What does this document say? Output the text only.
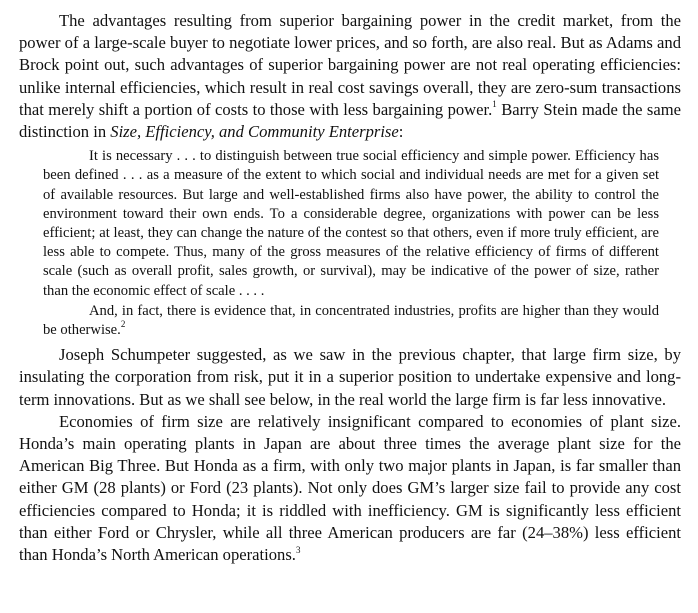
The advantages resulting from superior bargaining power in the credit market, from the power of a large-scale buyer to negotiate lower prices, and so forth, are also real. But as Adams and Brock point out, such advantages of superior bargaining power are not real operating efficiencies: unlike internal efficiencies, which result in real cost savings overall, they are zero-sum transactions that merely shift a portion of costs to those with less bargaining power.$^1$ Barry Stein made the same distinction in Size, Efficiency, and Community Enterprise:

It is necessary . . . to distinguish between true social efficiency and simple power. Efficiency has been defined . . . as a measure of the extent to which social and individual needs are met for a given set of available resources. But large and well-established firms also have power, the ability to control the environment toward their own ends. To a considerable degree, organizations with power can be less efficient; at least, they can change the nature of the contest so that others, even if more truly efficient, are less able to compete. Thus, many of the gross measures of the relative efficiency of firms of different scale (such as overall profit, sales growth, or survival), may be indicative of the power of size, rather than the economic effect of scale . . . .

And, in fact, there is evidence that, in concentrated industries, profits are higher than they would be otherwise.$^2$

Joseph Schumpeter suggested, as we saw in the previous chapter, that large firm size, by insulating the corporation from risk, put it in a superior position to undertake expensive and long-term innovations. But as we shall see below, in the real world the large firm is far less innovative.

Economies of firm size are relatively insignificant compared to economies of plant size. Honda’s main operating plants in Japan are about three times the average plant size for the American Big Three. But Honda as a firm, with only two major plants in Japan, is far smaller than either GM (28 plants) or Ford (23 plants). Not only does GM’s larger size fail to provide any cost efficiencies compared to Honda; it is riddled with inefficiency. GM is significantly less efficient than either Ford or Chrysler, while all three American producers are far (24–38%) less efficient than Honda’s North American operations.$^3$
